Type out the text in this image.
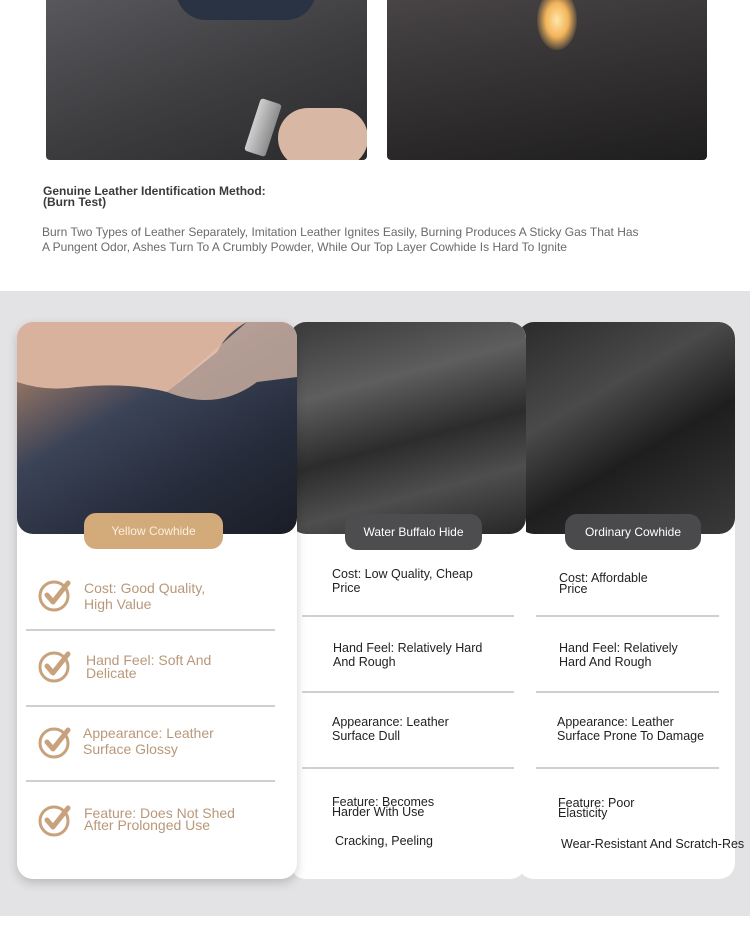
Genuine Leather Identification Method:
(Burn Test)
Burn Two Types of Leather Separately, Imitation Leather Ignites Easily, Burning Produces A Sticky Gas That Has A Pungent Odor, Ashes Turn To A Crumbly Powder, While Our Top Layer Cowhide Is Hard To Ignite
Yellow Cowhide	Water Buffalo Hide	Ordinary Cowhide
Cost: Good Quality,
High Value
Hand Feel: Soft And
Delicate
Appearance: Leather
Surface Glossy
Feature: Does Not Shed
After Prolonged Use
Cost: Low Quality, Cheap
Price
Hand Feel: Relatively Hard
And Rough
Appearance: Leather
Surface Dull
Feature: Becomes
Harder With Use
Cracking, Peeling
Cost: Affordable
Price
Hand Feel: Relatively
Hard And Rough
Appearance: Leather
Surface Prone To Damage
Feature: Poor
Elasticity
Wear-Resistant And Scratch-Res
